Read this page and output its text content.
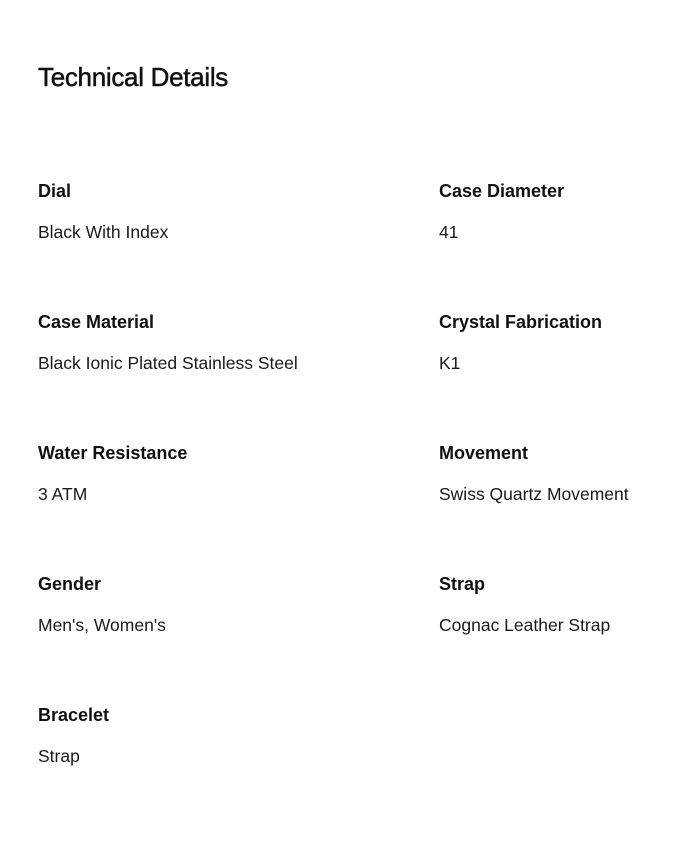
Technical Details
Dial
Black With Index
Case Diameter
41
Case Material
Black Ionic Plated Stainless Steel
Crystal Fabrication
K1
Water Resistance
3 ATM
Movement
Swiss Quartz Movement
Gender
Men's, Women's
Strap
Cognac Leather Strap
Bracelet
Strap
